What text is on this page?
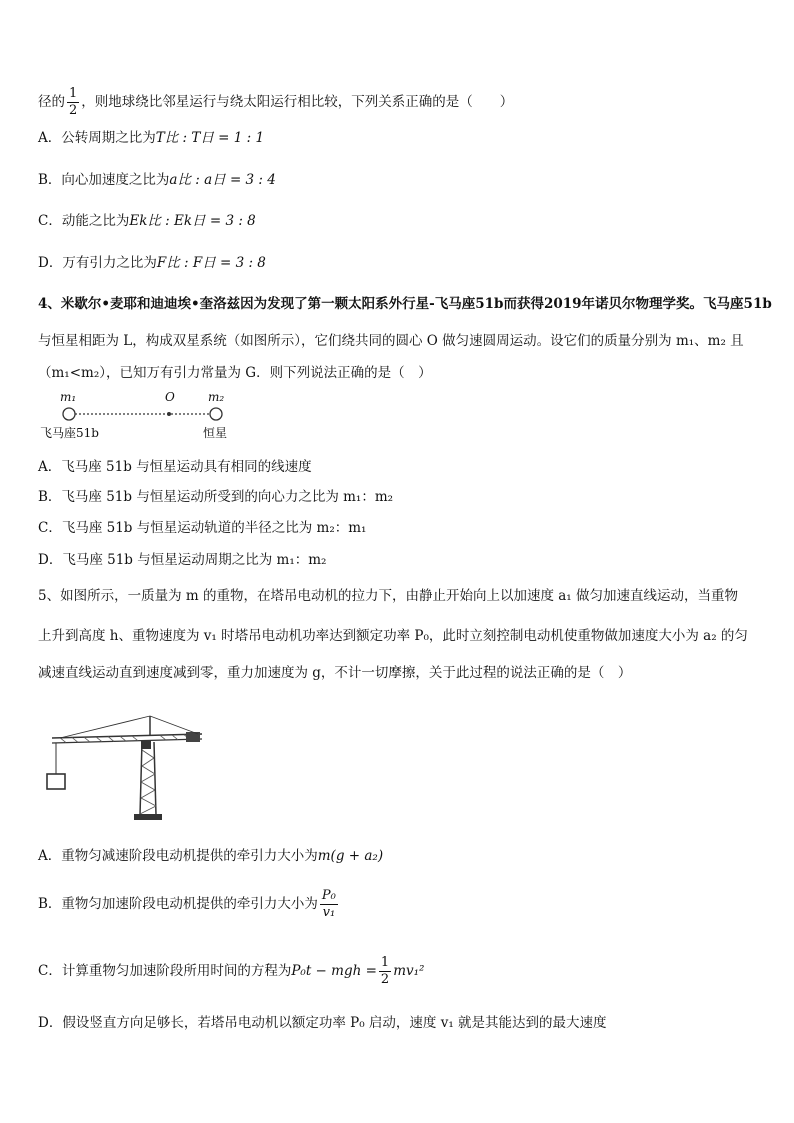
径的 $\frac{1}{2}$ ，则地球绕比邻星运行与绕太阳运行相比较，下列关系正确的是（　　）
A．公转周期之比为T比 : T日 = 1 : 1
B．向心加速度之比为a比 : a日 = 3 : 4
C．动能之比为Ek比 : Ek日 = 3 : 8
D．万有引力之比为F比 : F日 = 3 : 8
4、米歇尔•麦耶和迪迪埃•奎洛兹因为发现了第一颗太阳系外行星-飞马座51b而获得2019年诺贝尔物理学奖。飞马座51b
与恒星相距为 L，构成双星系统（如图所示），它们绕共同的圆心 O 做匀速圆周运动。设它们的质量分别为 m₁、m₂ 且
（m₁<m₂），已知万有引力常量为 G．则下列说法正确的是（　）
m₁	O	m₂
飞马座51b	恒星
A．飞马座 51b 与恒星运动具有相同的线速度
B．飞马座 51b 与恒星运动所受到的向心力之比为 m₁：m₂
C．飞马座 51b 与恒星运动轨道的半径之比为 m₂：m₁
D．飞马座 51b 与恒星运动周期之比为 m₁：m₂
5、如图所示，一质量为 m 的重物，在塔吊电动机的拉力下，由静止开始向上以加速度 a₁ 做匀加速直线运动，当重物
上升到高度 h、重物速度为 v₁ 时塔吊电动机功率达到额定功率 P₀，此时立刻控制电动机使重物做加速度大小为 a₂ 的匀
减速直线运动直到速度减到零，重力加速度为 g，不计一切摩擦，关于此过程的说法正确的是（　）
A．重物匀减速阶段电动机提供的牵引力大小为m(g + a₂)
B．重物匀加速阶段电动机提供的牵引力大小为 $\frac{\text{P₀}}{\text{v₁}}$
C．计算重物匀加速阶段所用时间的方程为P₀t − mgh = $\frac{1}{2} mv_1^2$
D．假设竖直方向足够长，若塔吊电动机以额定功率 P₀ 启动，速度 v₁ 就是其能达到的最大速度
